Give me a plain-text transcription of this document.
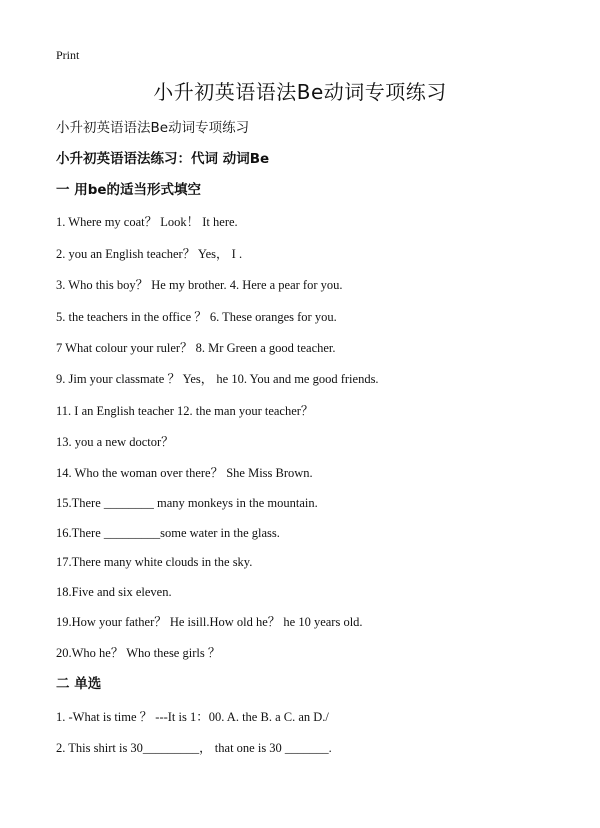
Print
小升初英语语法Be动词专项练习
小升初英语语法Be动词专项练习
小升初英语语法练习：代词 动词Be
一 用be的适当形式填空
1. Where my coat？ Look！ It here.
2. you an English teacher？ Yes， I .
3. Who this boy？ He my brother. 4. Here a pear for you.
5. the teachers in the office ？ 6. These oranges for you.
7 What colour your ruler？ 8. Mr Green a good teacher.
9. Jim your classmate ？ Yes， he 10. You and me good friends.
11. I an English teacher 12. the man your teacher？
13. you a new doctor？
14. Who the woman over there？ She Miss Brown.
15.There ________ many monkeys in the mountain.
16.There _________some water in the glass.
17.There many white clouds in the sky.
18.Five and six eleven.
19.How your father？ He isill.How old he？ he 10 years old.
20.Who he？ Who these girls ？
二 单选
1. -What is time ？ ---It is 1：00. A. the B. a C. an D./
2. This shirt is 30_________， that one is 30 _______.
